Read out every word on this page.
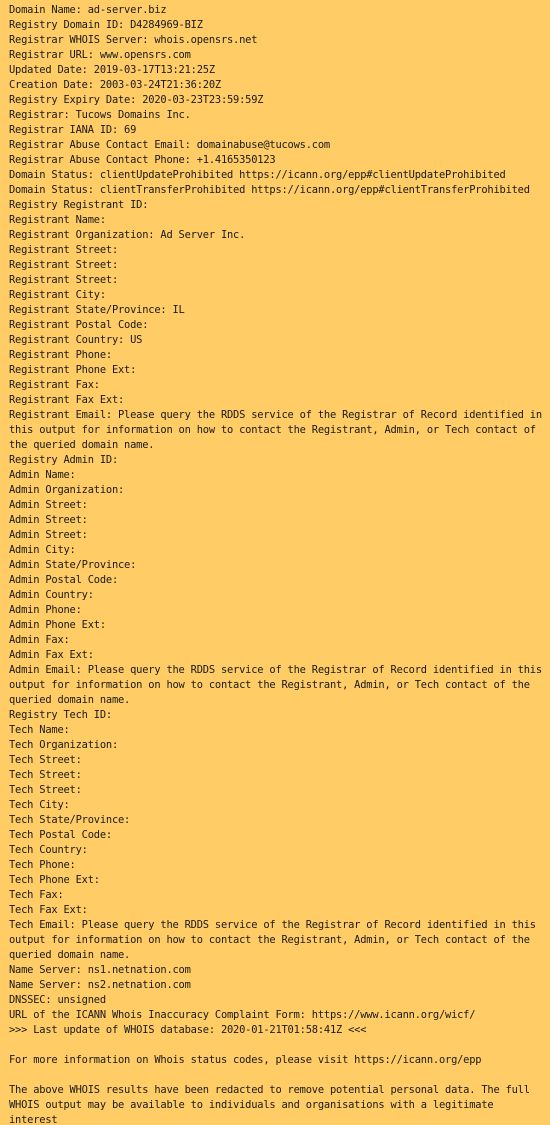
Domain Name: ad-server.biz
Registry Domain ID: D4284969-BIZ
Registrar WHOIS Server: whois.opensrs.net
Registrar URL: www.opensrs.com
Updated Date: 2019-03-17T13:21:25Z
Creation Date: 2003-03-24T21:36:20Z
Registry Expiry Date: 2020-03-23T23:59:59Z
Registrar: Tucows Domains Inc.
Registrar IANA ID: 69
Registrar Abuse Contact Email: domainabuse@tucows.com
Registrar Abuse Contact Phone: +1.4165350123
Domain Status: clientUpdateProhibited https://icann.org/epp#clientUpdateProhibited
Domain Status: clientTransferProhibited https://icann.org/epp#clientTransferProhibited
Registry Registrant ID:
Registrant Name:
Registrant Organization: Ad Server Inc.
Registrant Street:
Registrant Street:
Registrant Street:
Registrant City:
Registrant State/Province: IL
Registrant Postal Code:
Registrant Country: US
Registrant Phone:
Registrant Phone Ext:
Registrant Fax:
Registrant Fax Ext:
Registrant Email: Please query the RDDS service of the Registrar of Record identified in this output for information on how to contact the Registrant, Admin, or Tech contact of the queried domain name.
Registry Admin ID:
Admin Name:
Admin Organization:
Admin Street:
Admin Street:
Admin Street:
Admin City:
Admin State/Province:
Admin Postal Code:
Admin Country:
Admin Phone:
Admin Phone Ext:
Admin Fax:
Admin Fax Ext:
Admin Email: Please query the RDDS service of the Registrar of Record identified in this output for information on how to contact the Registrant, Admin, or Tech contact of the queried domain name.
Registry Tech ID:
Tech Name:
Tech Organization:
Tech Street:
Tech Street:
Tech Street:
Tech City:
Tech State/Province:
Tech Postal Code:
Tech Country:
Tech Phone:
Tech Phone Ext:
Tech Fax:
Tech Fax Ext:
Tech Email: Please query the RDDS service of the Registrar of Record identified in this output for information on how to contact the Registrant, Admin, or Tech contact of the queried domain name.
Name Server: ns1.netnation.com
Name Server: ns2.netnation.com
DNSSEC: unsigned
URL of the ICANN Whois Inaccuracy Complaint Form: https://www.icann.org/wicf/
>>> Last update of WHOIS database: 2020-01-21T01:58:41Z <<<
For more information on Whois status codes, please visit https://icann.org/epp
The above WHOIS results have been redacted to remove potential personal data. The full WHOIS output may be available to individuals and organisations with a legitimate interest
